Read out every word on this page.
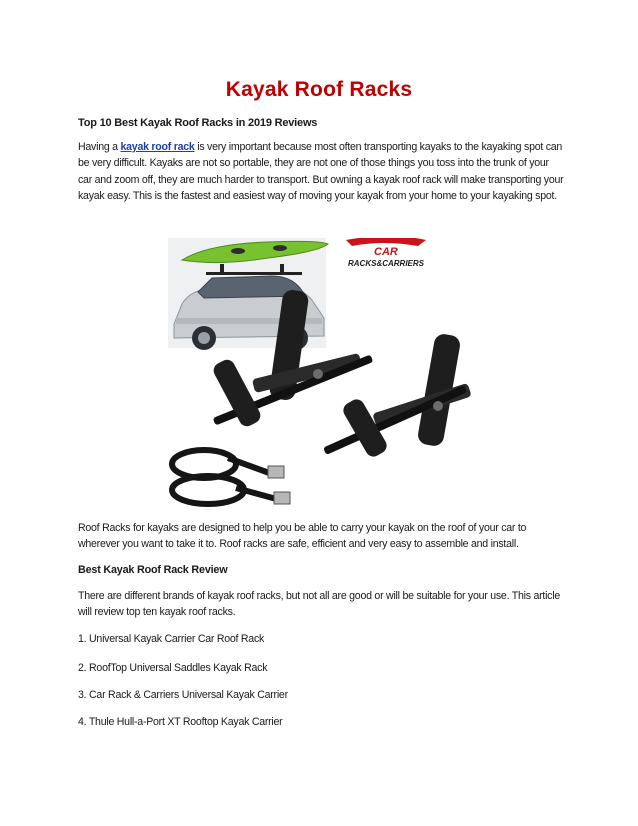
Kayak Roof Racks
Top 10 Best Kayak Roof Racks in 2019 Reviews

Having a kayak roof rack is very important because most often transporting kayaks to the kayaking spot can be very difficult. Kayaks are not so portable, they are not one of those things you toss into the trunk of your car and zoom off, they are much harder to transport. But owning a kayak roof rack will make transporting your kayak easy. This is the fastest and easiest way of moving your kayak from your home to your kayaking spot.

CAR
RACKS&CARRIERS

Roof Racks for kayaks are designed to help you be able to carry your kayak on the roof of your car to wherever you want to take it to. Roof racks are safe, efficient and very easy to assemble and install.

Best Kayak Roof Rack Review

There are different brands of kayak roof racks, but not all are good or will be suitable for your use. This article will review top ten kayak roof racks.

1. Universal Kayak Carrier Car Roof Rack
2. RoofTop Universal Saddles Kayak Rack
3. Car Rack & Carriers Universal Kayak Carrier
4. Thule Hull-a-Port XT Rooftop Kayak Carrier
